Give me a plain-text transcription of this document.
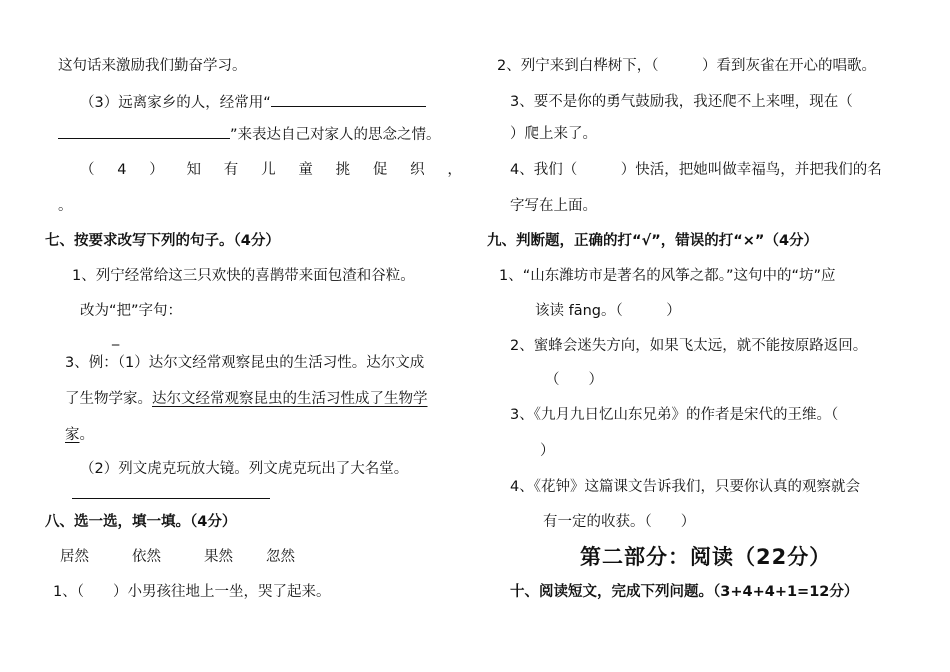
这句话来激励我们勤奋学习。
（3）远离家乡的人，经常用“
”来表达自己对家人的思念之情。
（ 4 ） 知 有 儿 童 挑 促 织 ，
。
七、按要求改写下列的句子。（4分）
1、列宁经常给这三只欢快的喜鹊带来面包渣和谷粒。
改为“把”字句：
_
3、例：（1）达尔文经常观察昆虫的生活习性。达尔文成
了生物学家。达尔文经常观察昆虫的生活习性成了生物学
家。
（2）列文虎克玩放大镜。列文虎克玩出了大名堂。
八、选一选，填一填。（4分）
居然	依然	果然 忽然
1、（　　）小男孩往地上一坐，哭了起来。
2、列宁来到白桦树下，（　　　）看到灰雀在开心的唱歌。
3、要不是你的勇气鼓励我，我还爬不上来哩，现在（
）爬上来了。
4、我们（　　　）快活，把她叫做幸福鸟，并把我们的名
字写在上面。
九、判断题，正确的打“√”，错误的打“×”（4分）
1、“山东潍坊市是著名的风筝之都。”这句中的“坊”应
该读 fāng。（　　　）
2、蜜蜂会迷失方向，如果飞太远，就不能按原路返回。
（　　）
3、《九月九日忆山东兄弟》的作者是宋代的王维。（
）
4、《花钟》这篇课文告诉我们，只要你认真的观察就会
有一定的收获。（　　）
第二部分：阅读（22分）
十、阅读短文，完成下列问题。（3+4+4+1=12分）
